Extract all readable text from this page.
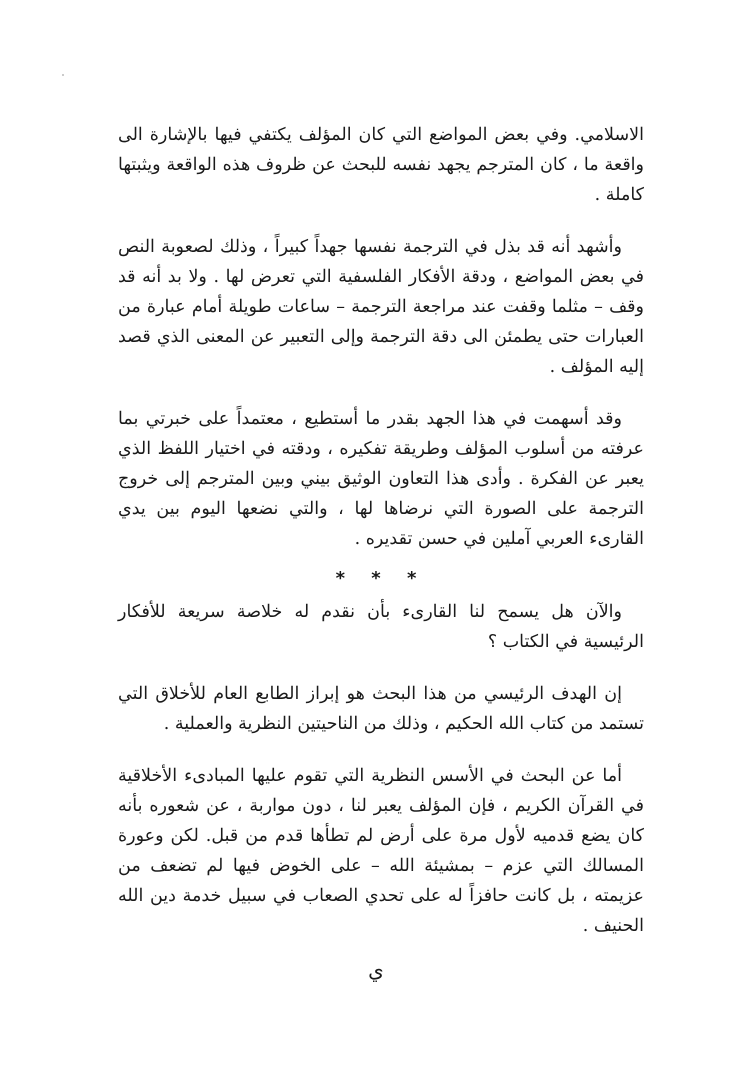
الاسلامي. وفي بعض المواضع التي كان المؤلف يكتفي فيها بالإشارة الى واقعة ما ، كان المترجم يجهد نفسه للبحث عن ظروف هذه الواقعة ويثبتها كاملة .

وأشهد أنه قد بذل في الترجمة نفسها جهداً كبيراً ، وذلك لصعوبة النص في بعض المواضع ، ودقة الأفكار الفلسفية التي تعرض لها . ولا بد أنه قد وقف – مثلما وقفت عند مراجعة الترجمة – ساعات طويلة أمام عبارة من العبارات حتى يطمئن الى دقة الترجمة وإلى التعبير عن المعنى الذي قصد إليه المؤلف .

وقد أسهمت في هذا الجهد بقدر ما أستطيع ، معتمداً على خبرتي بما عرفته من أسلوب المؤلف وطريقة تفكيره ، ودقته في اختيار اللفظ الذي يعبر عن الفكرة . وأدى هذا التعاون الوثيق بيني وبين المترجم إلى خروج الترجمة على الصورة التي نرضاها لها ، والتي نضعها اليوم بين يدي القارىء العربي آملين في حسن تقديره .

* * *

والآن هل يسمح لنا القارىء بأن نقدم له خلاصة سريعة للأفكار الرئيسية في الكتاب ؟

إن الهدف الرئيسي من هذا البحث هو إبراز الطابع العام للأخلاق التي تستمد من كتاب الله الحكيم ، وذلك من الناحيتين النظرية والعملية .

أما عن البحث في الأسس النظرية التي تقوم عليها المبادىء الأخلاقية في القرآن الكريم ، فإن المؤلف يعبر لنا ، دون مواربة ، عن شعوره بأنه كان يضع قدميه لأول مرة على أرض لم تطأها قدم من قبل. لكن وعورة المسالك التي عزم – بمشيئة الله – على الخوض فيها لم تضعف من عزيمته ، بل كانت حافزاً له على تحدي الصعاب في سبيل خدمة دين الله الحنيف .

ي
